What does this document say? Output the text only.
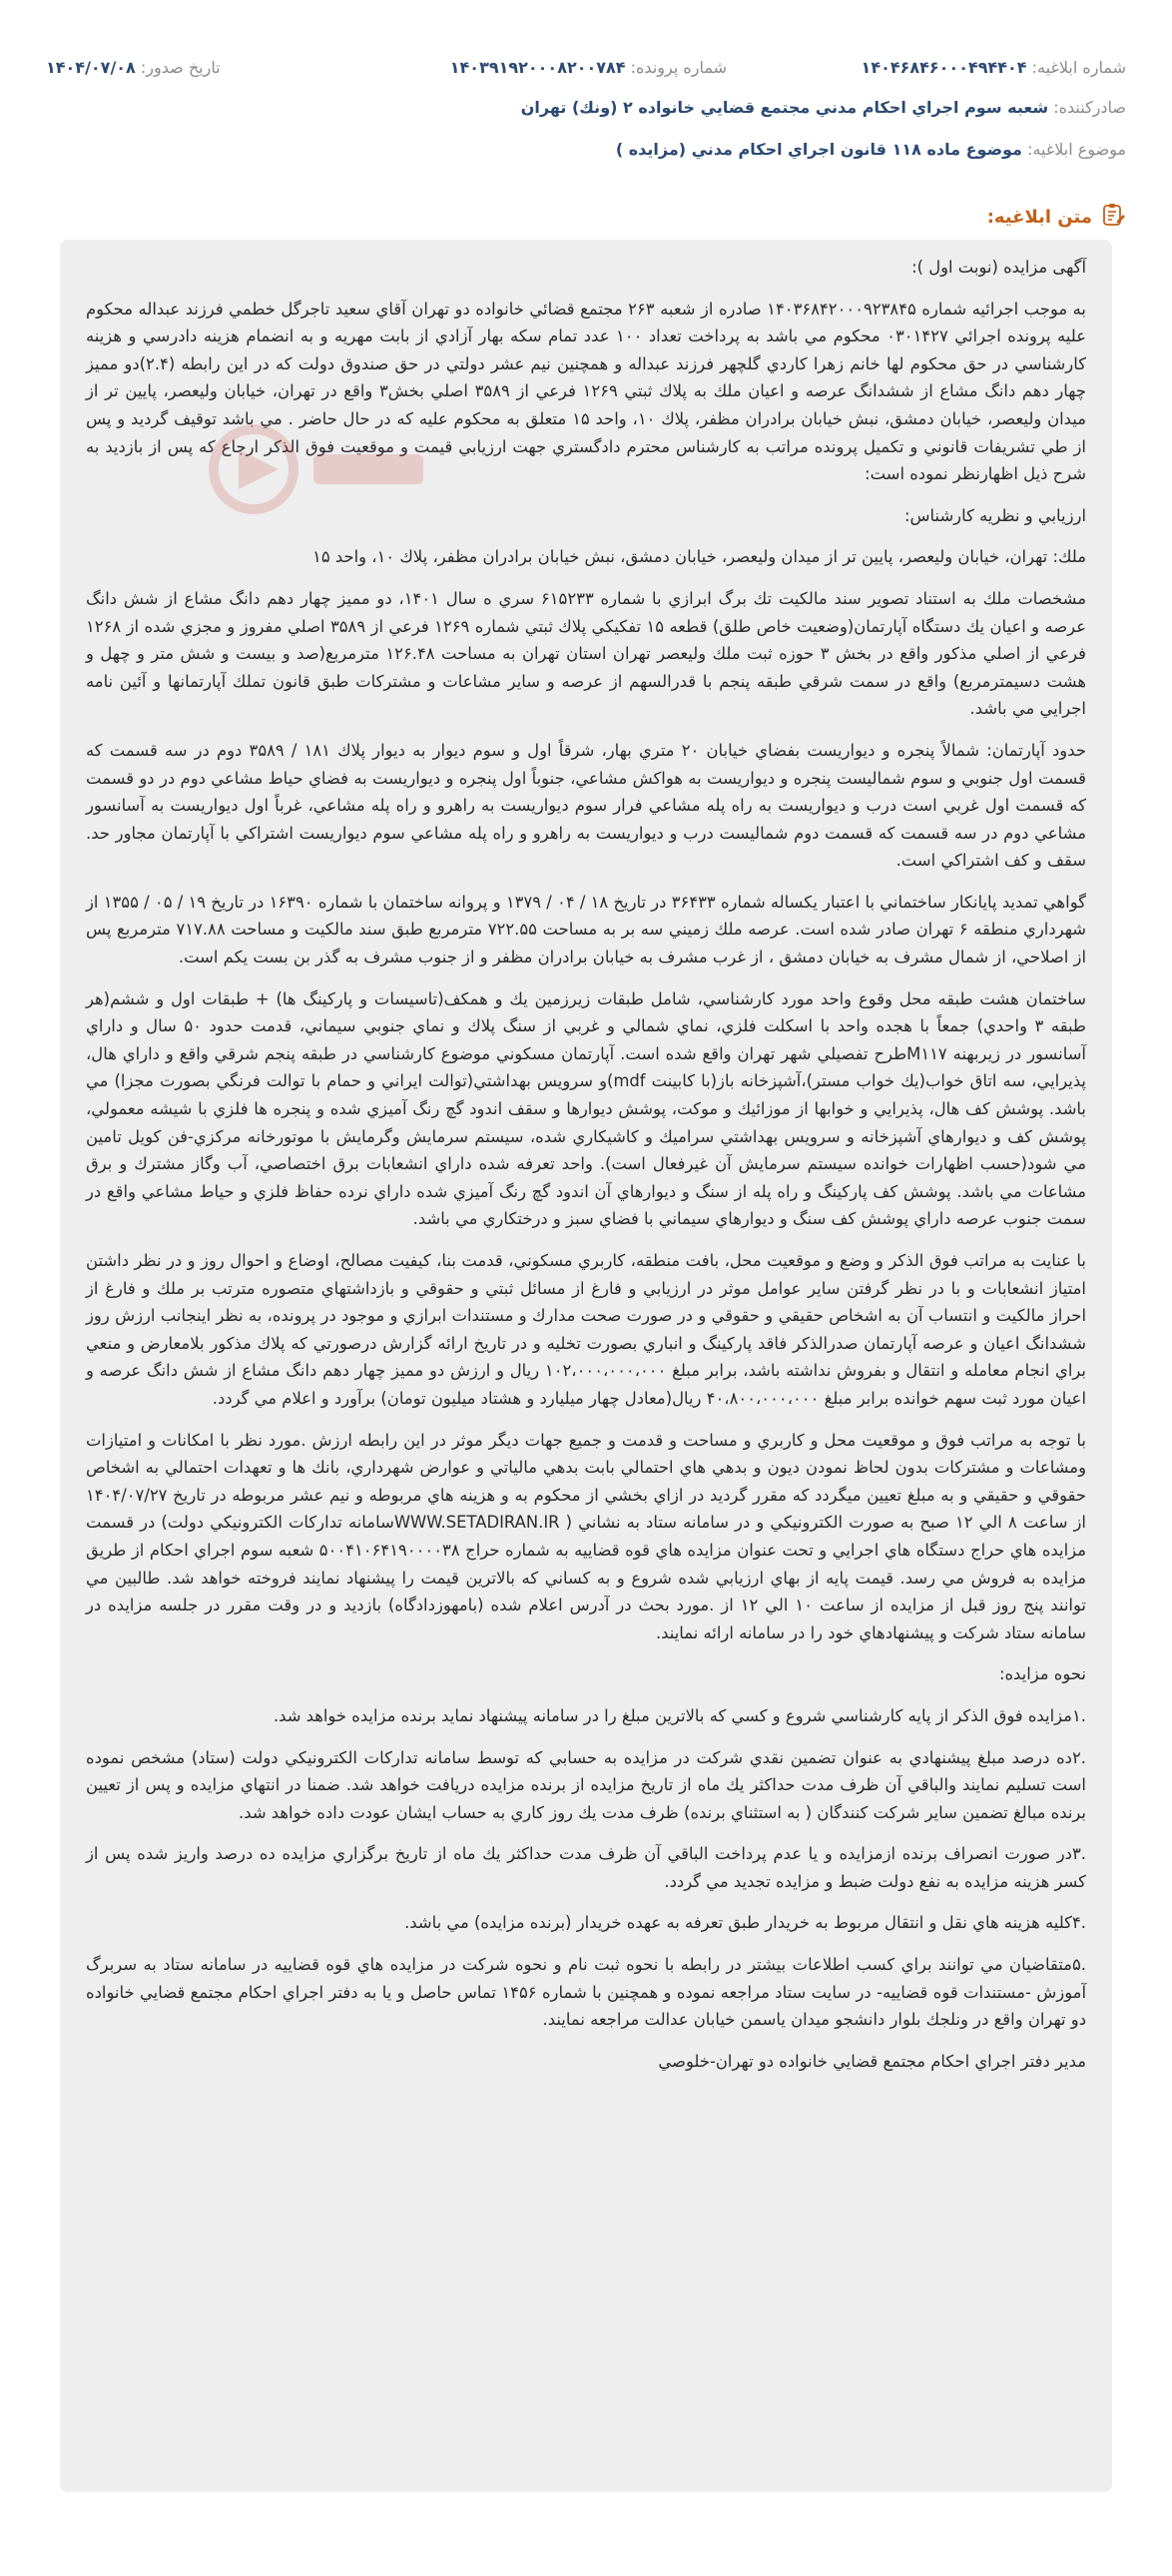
شماره ابلاغیه: ۱۴۰۴۶۸۴۶۰۰۰۴۹۴۴۰۴
شماره پرونده: ۱۴۰۳۹۱۹۲۰۰۰۸۲۰۰۷۸۴
تاریخ صدور: ۱۴۰۴/۰۷/۰۸
صادرکننده: شعبه سوم اجراي احكام مدني مجتمع قضايي خانواده ۲ (ونك) تهران
موضوع ابلاغیه: موضوع ماده ۱۱۸ قانون اجراي احكام مدني (مزايده )
متن ابلاغیه:

آگهی مزایده (نوبت اول ):

به موجب اجرائيه شماره ۱۴۰۳۶۸۴۲۰۰۰۹۲۳۸۴۵ صادره از شعبه ۲۶۳ مجتمع قضائي خانواده دو تهران آقاي سعيد تاجرگل خطمي فرزند عبداله محكوم عليه پرونده اجرائي ۰۳۰۱۴۲۷ محكوم مي باشد به پرداخت تعداد ۱۰۰ عدد تمام سكه بهار آزادي از بابت مهريه و به انضمام هزينه دادرسي و هزينه كارشناسي در حق محكوم لها خانم زهرا كاردي گلچهر فرزند عبداله و همچنين نيم عشر دولتي در حق صندوق دولت كه در اين رابطه (۲.۴)دو مميز چهار دهم دانگ مشاع از ششدانگ عرصه و اعيان ملك به پلاك ثبتي ۱۲۶۹ فرعي از ۳۵۸۹ اصلي بخش۳ واقع در تهران، خيابان وليعصر، پايين تر از ميدان وليعصر، خيابان دمشق، نبش خيابان برادران مظفر، پلاك ۱۰، واحد ۱۵ متعلق به محكوم عليه كه در حال حاضر . مي باشد توقيف گرديد و پس از طي تشريفات قانوني و تكميل پرونده مراتب به كارشناس محترم دادگستري جهت ارزيابي قيمت و موقعيت فوق الذكر ارجاع كه پس از بازديد به شرح ذيل اظهارنظر نموده است:

ارزيابي و نظريه كارشناس:

ملك: تهران، خيابان وليعصر، پايين تر از ميدان وليعصر، خيابان دمشق، نبش خيابان برادران مظفر، پلاك ۱۰، واحد ۱۵

مشخصات ملك به استناد تصوير سند مالكيت تك برگ ابرازي با شماره ۶۱۵۲۳۳ سري ه سال ۱۴۰۱، دو مميز چهار دهم دانگ مشاع از شش دانگ عرصه و اعيان يك دستگاه آپارتمان(وضعيت خاص طلق) قطعه ۱۵ تفكيكي پلاك ثبتي شماره ۱۲۶۹ فرعي از ۳۵۸۹ اصلي مفروز و مجزي شده از ۱۲۶۸ فرعي از اصلي مذكور واقع در بخش ۳ حوزه ثبت ملك وليعصر تهران استان تهران به مساحت ۱۲۶.۴۸ مترمربع(صد و بيست و شش متر و چهل و هشت دسيمترمربع) واقع در سمت شرقي طبقه پنجم با قدرالسهم از عرصه و ساير مشاعات و مشتركات طبق قانون تملك آپارتمانها و آئين نامه اجرايي مي باشد.

حدود آپارتمان: شمالاً پنجره و ديواريست بفضاي خيابان ۲۰ متري بهار، شرقاً اول و سوم ديوار به ديوار پلاك ۱۸۱ / ۳۵۸۹ دوم در سه قسمت كه قسمت اول جنوبي و سوم شماليست پنجره و ديواريست به هواكش مشاعي، جنوباً اول پنجره و ديواريست به فضاي حياط مشاعي دوم در دو قسمت كه قسمت اول غربي است درب و ديواريست به راه پله مشاعي فرار سوم ديواريست به راهرو و راه پله مشاعي، غرباً اول ديواريست به آسانسور مشاعي دوم در سه قسمت كه قسمت دوم شماليست درب و ديواريست به راهرو و راه پله مشاعي سوم ديواريست اشتراكي با آپارتمان مجاور حد. سقف و كف اشتراكي است.

گواهي تمديد پايانكار ساختماني با اعتبار يكساله شماره ۳۶۴۳۳ در تاريخ ۱۸ / ۰۴ / ۱۳۷۹ و پروانه ساختمان با شماره ۱۶۳۹۰ در تاريخ ۱۹ / ۰۵ / ۱۳۵۵ از شهرداري منطقه ۶ تهران صادر شده است. عرصه ملك زميني سه بر به مساحت ۷۲۲.۵۵ مترمربع طبق سند مالكيت و مساحت ۷۱۷.۸۸ مترمربع پس از اصلاحي، از شمال مشرف به خيابان دمشق ، از غرب مشرف به خيابان برادران مظفر و از جنوب مشرف به گذر بن بست يكم است.

ساختمان هشت طبقه محل وقوع واحد مورد كارشناسي، شامل طبقات زيرزمين يك و همكف(تاسيسات و پاركينگ ها) + طبقات اول و ششم(هر طبقه ۳ واحدي) جمعاً با هجده واحد با اسكلت فلزي، نماي شمالي و غربي از سنگ پلاك و نماي جنوبي سيماني، قدمت حدود ۵۰ سال و داراي آسانسور در زيربهنه M۱۱۷طرح تفصيلي شهر تهران واقع شده است. آپارتمان مسكوني موضوع كارشناسي در طبقه پنجم شرقي واقع و داراي هال، پذيرايي، سه اتاق خواب(يك خواب مستر)،آشپزخانه باز(با كابينت mdf)و سرويس بهداشتي(توالت ايراني و حمام با توالت فرنگي بصورت مجزا) مي باشد. پوشش كف هال، پذيرايي و خوابها از موزائيك و موكت، پوشش ديوارها و سقف اندود گچ رنگ آميزي شده و پنجره ها فلزي با شيشه معمولي، پوشش كف و ديوارهاي آشپزخانه و سرويس بهداشتي سراميك و كاشيكاري شده، سيستم سرمايش وگرمايش با موتورخانه مركزي-فن كويل تامين مي شود(حسب اظهارات خوانده سيستم سرمايش آن غيرفعال است). واحد تعرفه شده داراي انشعابات برق اختصاصي، آب وگاز مشترك و برق مشاعات مي باشد. پوشش كف پاركينگ و راه پله از سنگ و ديوارهاي آن اندود گچ رنگ آميزي شده داراي نرده حفاظ فلزي و حياط مشاعي واقع در سمت جنوب عرصه داراي پوشش كف سنگ و ديوارهاي سيماني با فضاي سبز و درختكاري مي باشد.

با عنايت به مراتب فوق الذكر و وضع و موقعيت محل، بافت منطقه، كاربري مسكوني، قدمت بنا، كيفيت مصالح، اوضاع و احوال روز و در نظر داشتن امتياز انشعابات و با در نظر گرفتن ساير عوامل موثر در ارزيابي و فارغ از مسائل ثبتي و حقوقي و بازداشتهاي متصوره مترتب بر ملك و فارغ از احراز مالكيت و انتساب آن به اشخاص حقيقي و حقوقي و در صورت صحت مدارك و مستندات ابرازي و موجود در پرونده، به نظر اينجانب ارزش روز ششدانگ اعيان و عرصه آپارتمان صدرالذكر فاقد پاركينگ و انباري بصورت تخليه و در تاريخ ارائه گزارش درصورتي كه پلاك مذكور بلامعارض و منعي براي انجام معامله و انتقال و بفروش نداشته باشد، برابر مبلغ ۱۰۲،۰۰۰،۰۰۰،۰۰۰ ريال و ارزش دو مميز چهار دهم دانگ مشاع از شش دانگ عرصه و اعيان مورد ثبت سهم خوانده برابر مبلغ ۴۰،۸۰۰،۰۰۰،۰۰۰ ريال(معادل چهار ميليارد و هشتاد ميليون تومان) برآورد و اعلام مي گردد.

با توجه به مراتب فوق و موقعيت محل و كاربري و مساحت و قدمت و جميع جهات ديگر موثر در اين رابطه ارزش .مورد نظر با امكانات و امتيازات ومشاعات و مشتركات بدون لحاظ نمودن ديون و بدهي هاي احتمالي بابت بدهي مالياتي و عوارض شهرداري، بانك ها و تعهدات احتمالي به اشخاص حقوقي و حقيقي و به مبلغ تعيين ميگردد كه مقرر گرديد در ازاي بخشي از محكوم به و هزينه هاي مربوطه و نيم عشر مربوطه در تاريخ ۱۴۰۴/۰۷/۲۷ از ساعت ۸ الي ۱۲ صبح به صورت الكترونيكي و در سامانه ستاد به نشاني ( WWW.SETADIRAN.IRسامانه تداركات الكترونيكي دولت) در قسمت مزايده هاي حراج دستگاه هاي اجرايي و تحت عنوان مزايده هاي قوه قضاييه به شماره حراج ۵۰۰۴۱۰۶۴۱۹۰۰۰۰۳۸ شعبه سوم اجراي احكام از طريق مزايده به فروش مي رسد. قيمت پايه از بهاي ارزيابي شده شروع و به كساني كه بالاترين قيمت را پيشنهاد نمايند فروخته خواهد شد. طالبين مي توانند پنج روز قبل از مزايده از ساعت ۱۰ الي ۱۲ از .مورد بحث در آدرس اعلام شده (بامهوزدادگاه) بازديد و در وقت مقرر در جلسه مزايده در سامانه ستاد شركت و پيشنهادهاي خود را در سامانه ارائه نمايند.

نحوه مزايده:

.۱مزايده فوق الذكر از پايه كارشناسي شروع و كسي كه بالاترين مبلغ را در سامانه پيشنهاد نمايد برنده مزايده خواهد شد.

.۲ده درصد مبلغ پيشنهادي به عنوان تضمين نقدي شركت در مزايده به حسابي كه توسط سامانه تداركات الكترونيكي دولت (ستاد) مشخص نموده است تسليم نمايند والباقي آن ظرف مدت حداكثر يك ماه از تاريخ مزايده از برنده مزايده دريافت خواهد شد. ضمنا در انتهاي مزايده و پس از تعيين برنده مبالغ تضمين ساير شركت كنندگان ( به استثناي برنده) ظرف مدت يك روز كاري به حساب ايشان عودت داده خواهد شد.

.۳در صورت انصراف برنده ازمزايده و يا عدم پرداخت الباقي آن ظرف مدت حداكثر يك ماه از تاريخ برگزاري مزايده ده درصد واريز شده پس از كسر هزينه مزايده به نفع دولت ضبط و مزايده تجديد مي گردد.

.۴كليه هزينه هاي نقل و انتقال مربوط به خريدار طبق تعرفه به عهده خريدار (برنده مزايده) مي باشد.

.۵متقاضيان مي توانند براي كسب اطلاعات بيشتر در رابطه با نحوه ثبت نام و نحوه شركت در مزايده هاي قوه قضاييه در سامانه ستاد به سربرگ آموزش -مستندات قوه قضاييه- در سايت ستاد مراجعه نموده و همچنين با شماره ۱۴۵۶ تماس حاصل و يا به دفتر اجراي احكام مجتمع قضايي خانواده دو تهران واقع در ونلجك بلوار دانشجو ميدان ياسمن خيابان عدالت مراجعه نمايند.

مدير دفتر اجراي احكام مجتمع قضايي خانواده دو تهران-خلوصي
